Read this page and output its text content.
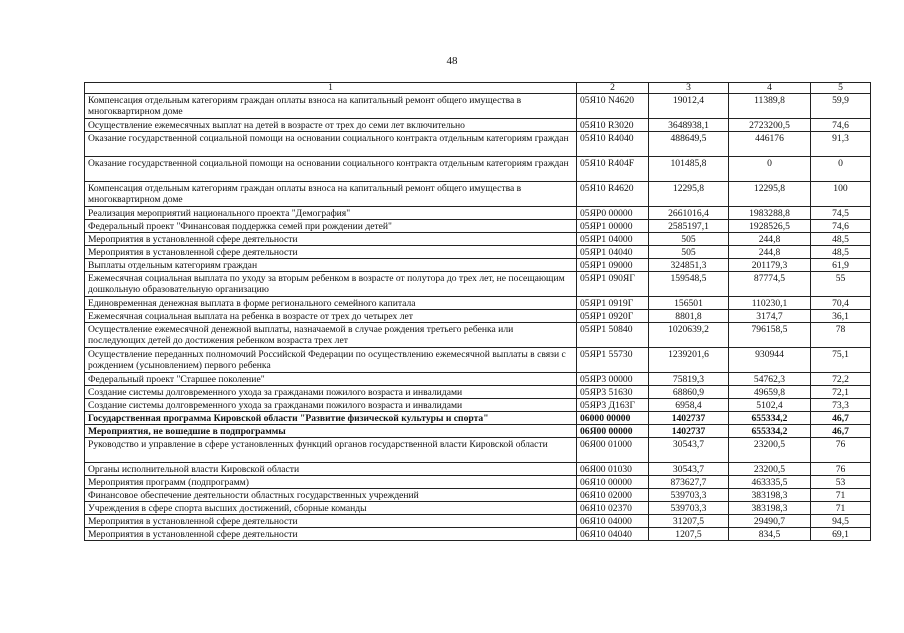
48
1	2	3	4	5
Компенсация отдельным категориям граждан оплаты взноса на капитальный ремонт общего имущества в многоквартирном доме	05Я10 N4620	19012,4	11389,8	59,9
Осуществление ежемесячных выплат на детей в возрасте от трех до семи лет включительно	05Я10 R3020	3648938,1	2723200,5	74,6
Оказание государственной социальной помощи на основании социального контракта отдельным категориям граждан	05Я10 R4040	488649,5	446176	91,3
Оказание государственной социальной помощи на основании социального контракта отдельным категориям граждан	05Я10 R404F	101485,8	0	0
Компенсация отдельным категориям граждан оплаты взноса на капитальный ремонт общего имущества в многоквартирном доме	05Я10 R4620	12295,8	12295,8	100
Реализация мероприятий национального проекта "Демография"	05ЯР0 00000	2661016,4	1983288,8	74,5
Федеральный проект "Финансовая поддержка семей при рождении детей"	05ЯР1 00000	2585197,1	1928526,5	74,6
Мероприятия в установленной сфере деятельности	05ЯР1 04000	505	244,8	48,5
Мероприятия в установленной сфере деятельности	05ЯР1 04040	505	244,8	48,5
Выплаты отдельным категориям граждан	05ЯР1 09000	324851,3	201179,3	61,9
Ежемесячная социальная выплата по уходу за вторым ребенком в возрасте от полутора до трех лет, не посещающим дошкольную образовательную организацию	05ЯР1 090ЯГ	159548,5	87774,5	55
Единовременная денежная выплата в форме регионального семейного капитала	05ЯР1 0919Г	156501	110230,1	70,4
Ежемесячная социальная выплата на ребенка в возрасте от трех до четырех лет	05ЯР1 0920Г	8801,8	3174,7	36,1
Осуществление ежемесячной денежной выплаты, назначаемой в случае рождения третьего ребенка или последующих детей до достижения ребенком возраста трех лет	05ЯР1 50840	1020639,2	796158,5	78
Осуществление переданных полномочий Российской Федерации по осуществлению ежемесячной выплаты в связи с рождением (усыновлением) первого ребенка	05ЯР1 55730	1239201,6	930944	75,1
Федеральный проект "Старшее поколение"	05ЯР3 00000	75819,3	54762,3	72,2
Создание системы долговременного ухода за гражданами пожилого возраста и инвалидами	05ЯР3 51630	68860,9	49659,8	72,1
Создание системы долговременного ухода за гражданами пожилого возраста и инвалидами	05ЯР3 Д163Г	6958,4	5102,4	73,3
Государственная программа Кировской области "Развитие физической культуры и спорта"	06000 00000	1402737	655334,2	46,7
Мероприятия, не вошедшие в подпрограммы	06Я00 00000	1402737	655334,2	46,7
Руководство и управление в сфере установленных функций органов государственной власти Кировской области	06Я00 01000	30543,7	23200,5	76
Органы исполнительной власти Кировской области	06Я00 01030	30543,7	23200,5	76
Мероприятия программ (подпрограмм)	06Я10 00000	873627,7	463335,5	53
Финансовое обеспечение деятельности областных государственных учреждений	06Я10 02000	539703,3	383198,3	71
Учреждения в сфере спорта высших достижений, сборные команды	06Я10 02370	539703,3	383198,3	71
Мероприятия в установленной сфере деятельности	06Я10 04000	31207,5	29490,7	94,5
Мероприятия в установленной сфере деятельности	06Я10 04040	1207,5	834,5	69,1
